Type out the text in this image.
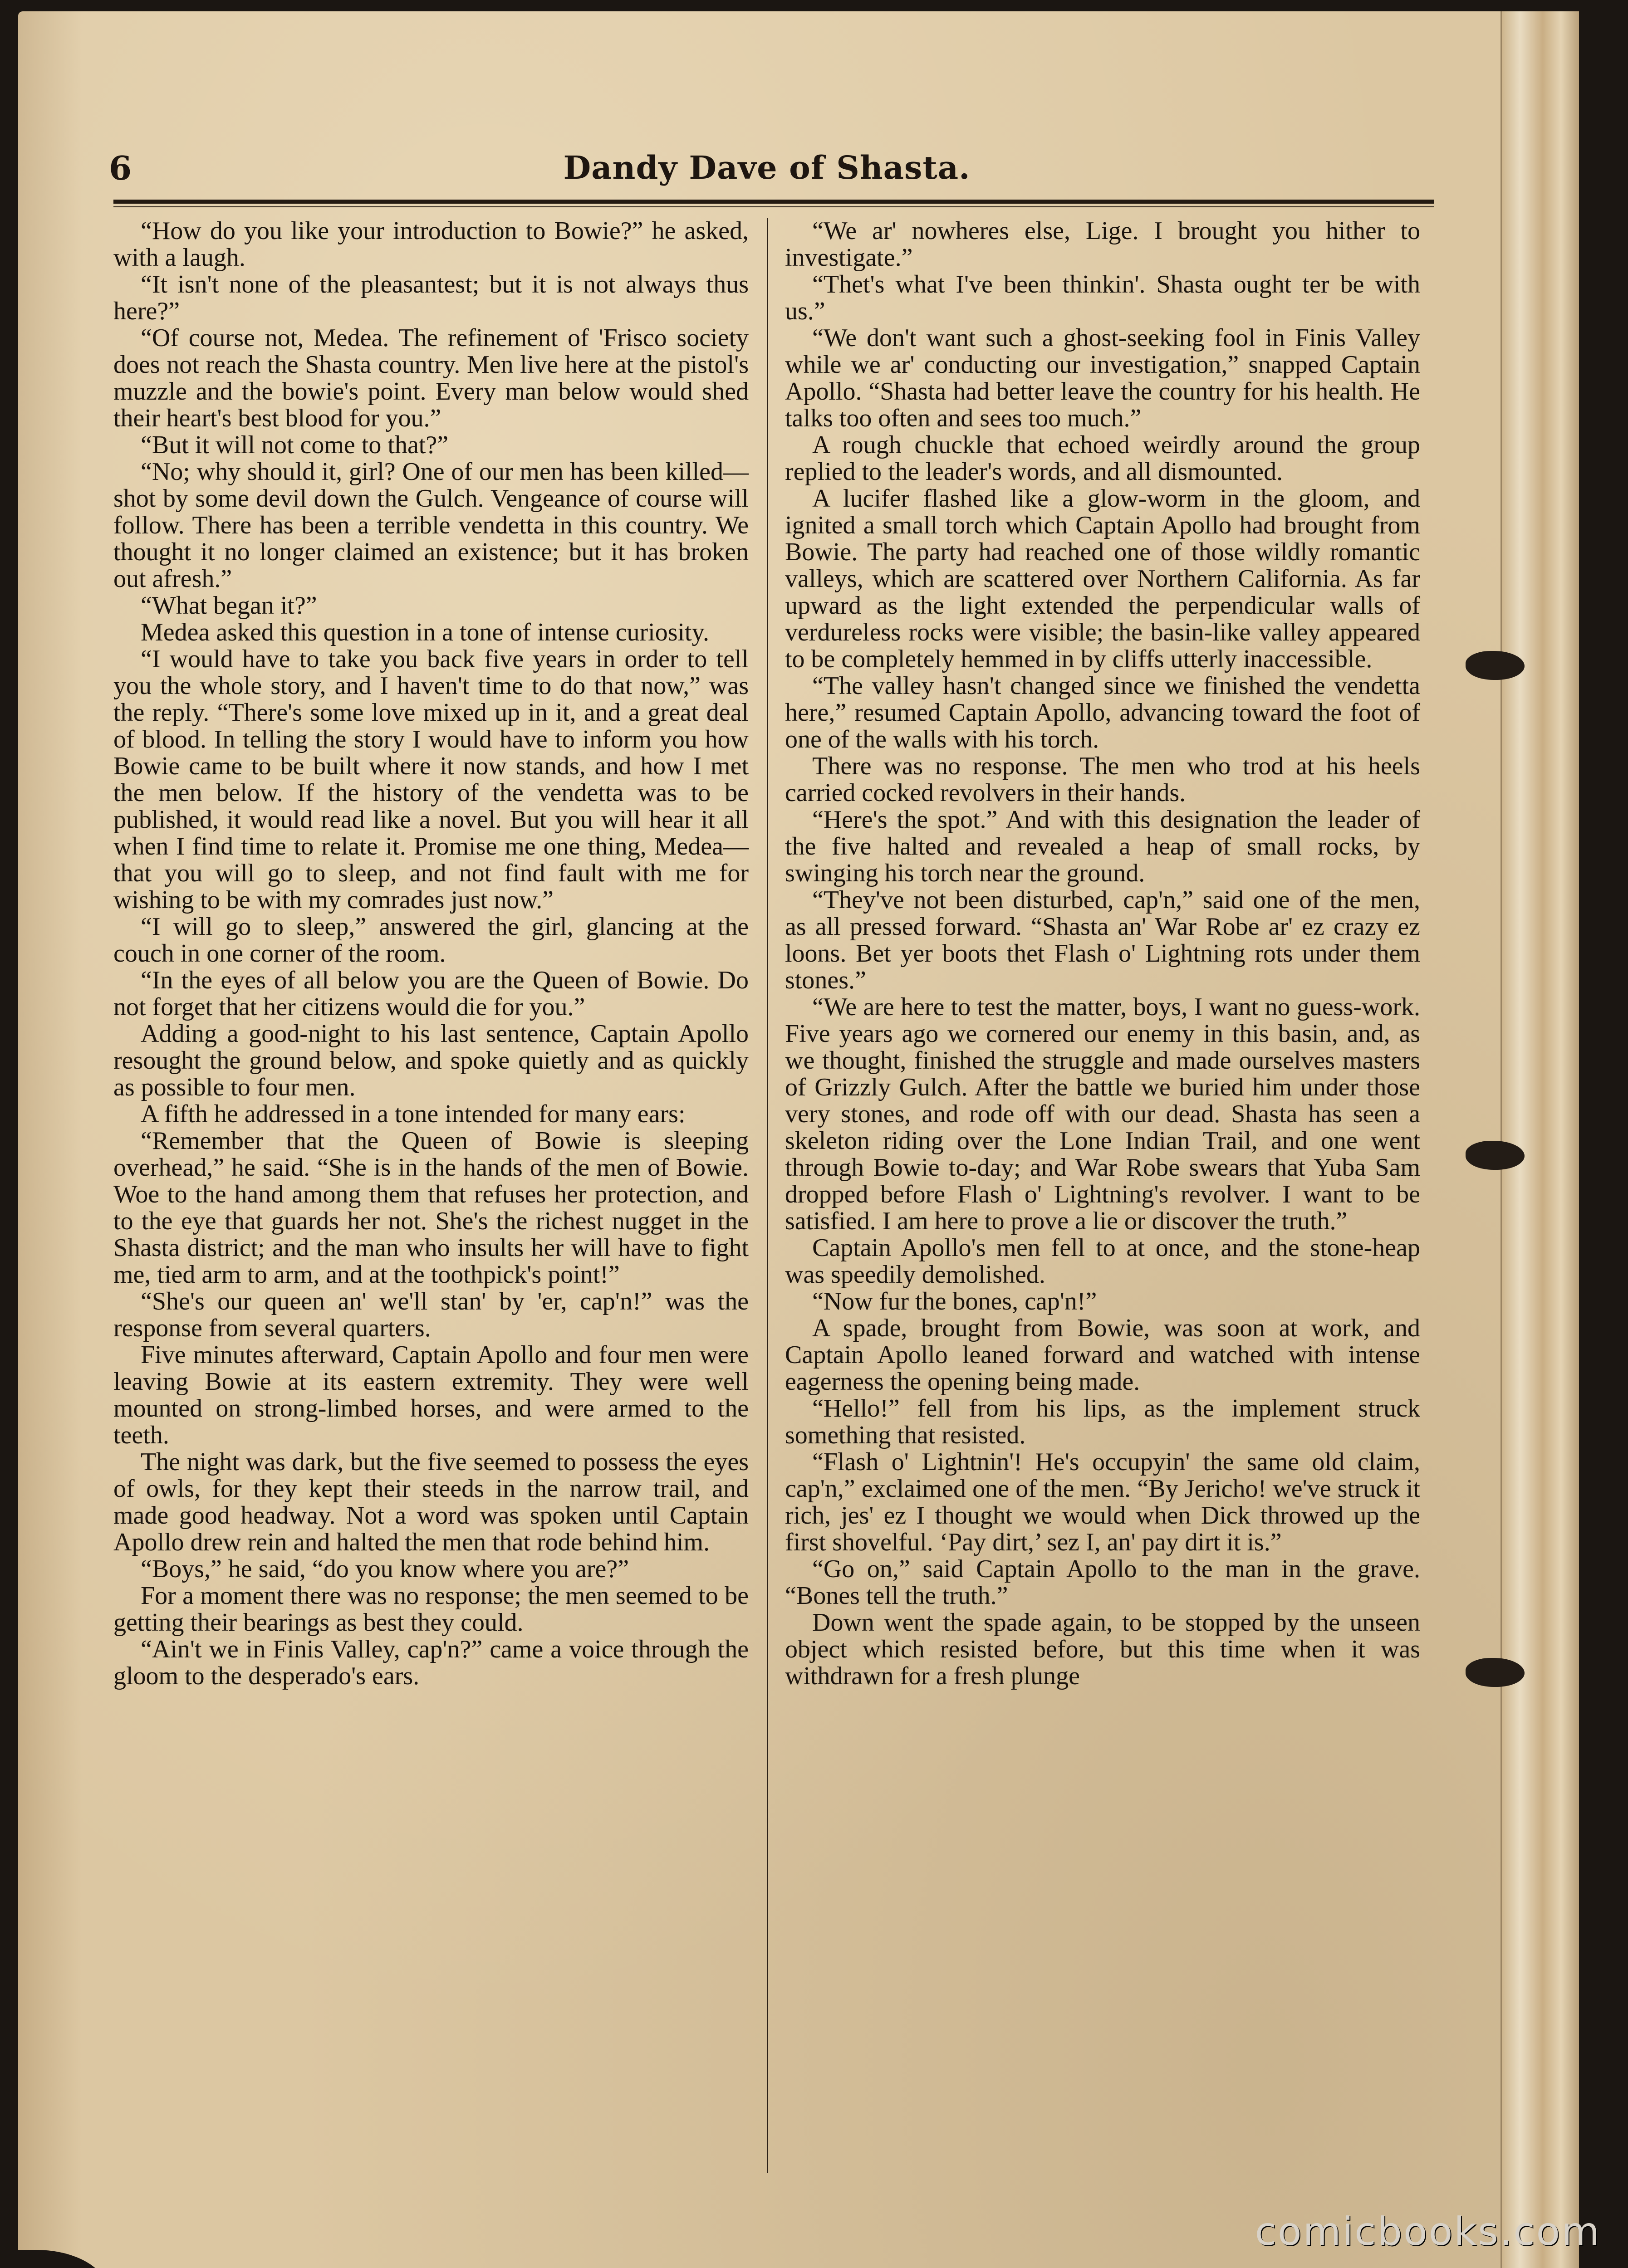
6	Dandy Dave of Shasta.

“How do you like your introduction to Bowie?” he asked, with a laugh.

“It isn't none of the pleasantest; but it is not always thus here?”

“Of course not, Medea. The refinement of 'Frisco society does not reach the Shasta country. Men live here at the pistol's muzzle and the bowie's point. Every man below would shed their heart's best blood for you.”

“But it will not come to that?”

“No; why should it, girl? One of our men has been killed—shot by some devil down the Gulch. Vengeance of course will follow. There has been a terrible vendetta in this country. We thought it no longer claimed an existence; but it has broken out afresh.”

“What began it?”

Medea asked this question in a tone of intense curiosity.

“I would have to take you back five years in order to tell you the whole story, and I haven't time to do that now,” was the reply. “There's some love mixed up in it, and a great deal of blood. In telling the story I would have to inform you how Bowie came to be built where it now stands, and how I met the men below. If the history of the vendetta was to be published, it would read like a novel. But you will hear it all when I find time to relate it. Promise me one thing, Medea—that you will go to sleep, and not find fault with me for wishing to be with my comrades just now.”

“I will go to sleep,” answered the girl, glancing at the couch in one corner of the room.

“In the eyes of all below you are the Queen of Bowie. Do not forget that her citizens would die for you.”

Adding a good-night to his last sentence, Captain Apollo resought the ground below, and spoke quietly and as quickly as possible to four men.

A fifth he addressed in a tone intended for many ears:

“Remember that the Queen of Bowie is sleeping overhead,” he said. “She is in the hands of the men of Bowie. Woe to the hand among them that refuses her protection, and to the eye that guards her not. She's the richest nugget in the Shasta district; and the man who insults her will have to fight me, tied arm to arm, and at the toothpick's point!”

“She's our queen an' we'll stan' by 'er, cap'n!” was the response from several quarters.

Five minutes afterward, Captain Apollo and four men were leaving Bowie at its eastern extremity. They were well mounted on strong-limbed horses, and were armed to the teeth.

The night was dark, but the five seemed to possess the eyes of owls, for they kept their steeds in the narrow trail, and made good headway. Not a word was spoken until Captain Apollo drew rein and halted the men that rode behind him.

“Boys,” he said, “do you know where you are?”

For a moment there was no response; the men seemed to be getting their bearings as best they could.

“Ain't we in Finis Valley, cap'n?” came a voice through the gloom to the desperado's ears.

“We ar' nowheres else, Lige. I brought you hither to investigate.”

“Thet's what I've been thinkin'. Shasta ought ter be with us.”

“We don't want such a ghost-seeking fool in Finis Valley while we ar' conducting our investigation,” snapped Captain Apollo. “Shasta had better leave the country for his health. He talks too often and sees too much.”

A rough chuckle that echoed weirdly around the group replied to the leader's words, and all dismounted.

A lucifer flashed like a glow-worm in the gloom, and ignited a small torch which Captain Apollo had brought from Bowie. The party had reached one of those wildly romantic valleys, which are scattered over Northern California. As far upward as the light extended the perpendicular walls of verdureless rocks were visible; the basin-like valley appeared to be completely hemmed in by cliffs utterly inaccessible.

“The valley hasn't changed since we finished the vendetta here,” resumed Captain Apollo, advancing toward the foot of one of the walls with his torch.

There was no response. The men who trod at his heels carried cocked revolvers in their hands.

“Here's the spot.” And with this designation the leader of the five halted and revealed a heap of small rocks, by swinging his torch near the ground.

“They've not been disturbed, cap'n,” said one of the men, as all pressed forward. “Shasta an' War Robe ar' ez crazy ez loons. Bet yer boots thet Flash o' Lightning rots under them stones.”

“We are here to test the matter, boys, I want no guess-work. Five years ago we cornered our enemy in this basin, and, as we thought, finished the struggle and made ourselves masters of Grizzly Gulch. After the battle we buried him under those very stones, and rode off with our dead. Shasta has seen a skeleton riding over the Lone Indian Trail, and one went through Bowie to-day; and War Robe swears that Yuba Sam dropped before Flash o' Lightning's revolver. I want to be satisfied. I am here to prove a lie or discover the truth.”

Captain Apollo's men fell to at once, and the stone-heap was speedily demolished.

“Now fur the bones, cap'n!”

A spade, brought from Bowie, was soon at work, and Captain Apollo leaned forward and watched with intense eagerness the opening being made.

“Hello!” fell from his lips, as the implement struck something that resisted.

“Flash o' Lightnin'! He's occupyin' the same old claim, cap'n,” exclaimed one of the men. “By Jericho! we've struck it rich, jes' ez I thought we would when Dick throwed up the first shovelful. ‘Pay dirt,’ sez I, an' pay dirt it is.”

“Go on,” said Captain Apollo to the man in the grave. “Bones tell the truth.”

Down went the spade again, to be stopped by the unseen object which resisted before, but this time when it was withdrawn for a fresh plunge

comicbooks.com
